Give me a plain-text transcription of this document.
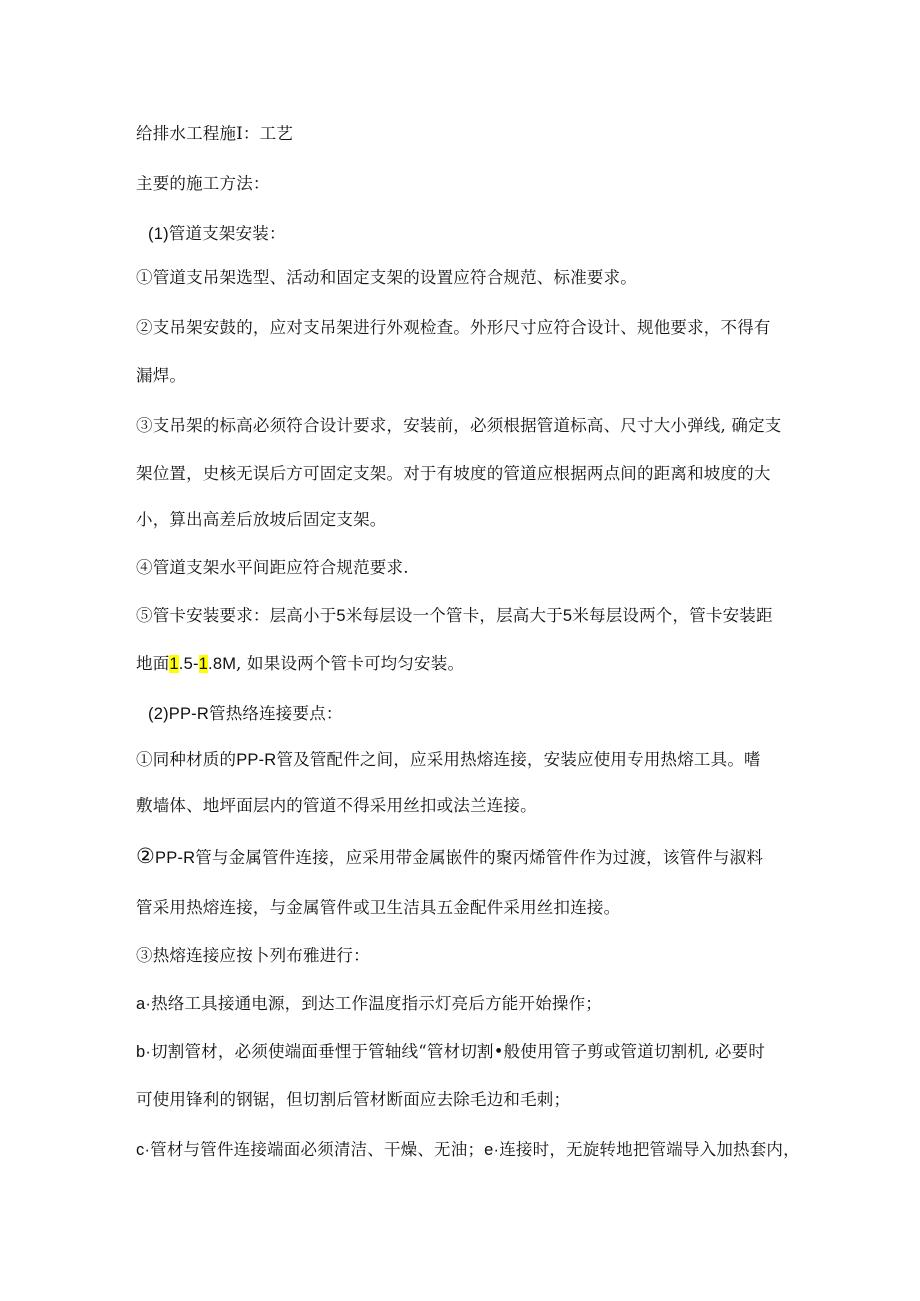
给排水工程施I：工艺
主要的施工方法：
(1)管道支架安装：
①管道支吊架选型、活动和固定支架的设置应符合规范、标准要求。
②支吊架安鼓的，应对支吊架进行外观检查。外形尺寸应符合设计、规他要求，不得有
漏焊。
③支吊架的标高必须符合设计要求，安装前，必须根据管道标高、尺寸大小弹线, 确定支
架位置，史核无误后方可固定支架。对于有坡度的管道应根据两点间的距离和坡度的大
小，算出高差后放坡后固定支架。
④管道支架水平间距应符合规范要求.
⑤管卡安装要求：层高小于5米每层设一个管卡，层高大于5米每层设两个，管卡安装距
地面1.5-1.8M, 如果设两个管卡可均匀安装。
(2)PP-R管热络连接要点：
①同种材质的PP-R管及管配件之间，应采用热熔连接，安装应使用专用热熔工具。嗜
敷墙体、地坪面层内的管道不得采用丝扣或法兰连接。
②PP-R管与金属管件连接，应采用带金属嵌件的聚丙烯管件作为过渡，该管件与淑料
管采用热熔连接，与金属管件或卫生洁具五金配件采用丝扣连接。
③热熔连接应按卜列布雅进行：
a·热络工具接通电源，到达工作温度指示灯亮后方能开始操作；
b·切割管材，必须使端面垂悝于管轴线“管材切割•般使用管子剪或管道切割机, 必要时
可使用锋利的钢锯，但切割后管材断面应去除毛边和毛刺；
c·管材与管件连接端面必须清洁、干燥、无油；e·连接时，无旋转地把管端导入加热套内，
